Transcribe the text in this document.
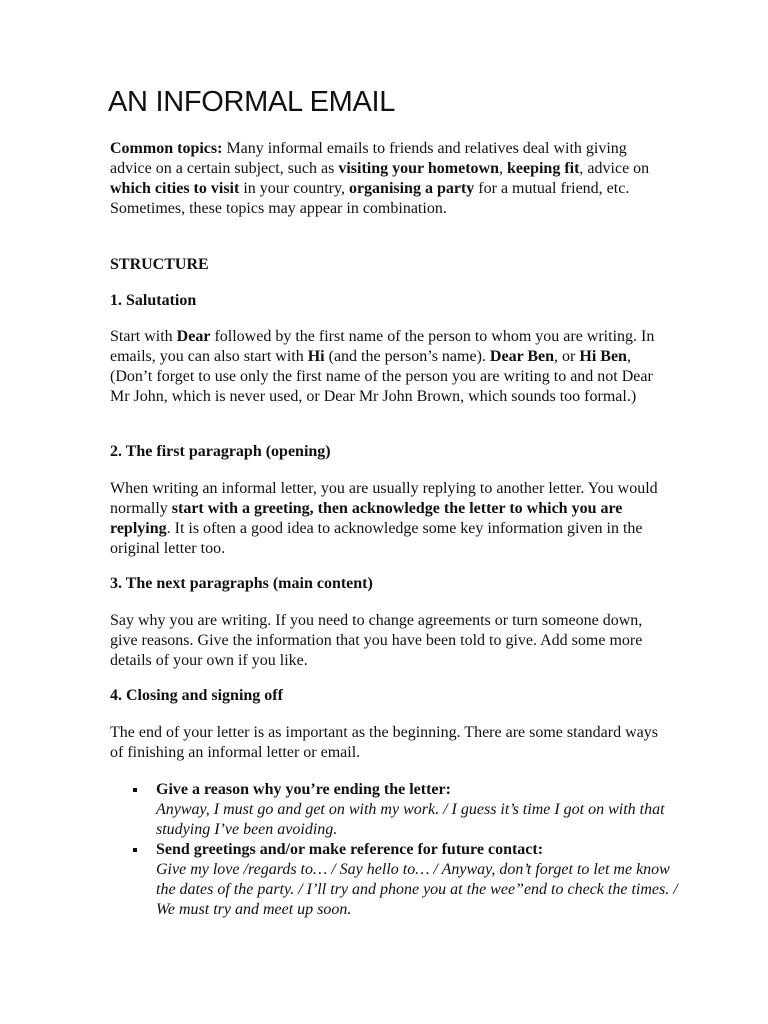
AN INFORMAL EMAIL

Common topics: Many informal emails to friends and relatives deal with giving advice on a certain subject, such as visiting your hometown, keeping fit, advice on which cities to visit in your country, organising a party for a mutual friend, etc. Sometimes, these topics may appear in combination.

STRUCTURE

1. Salutation

Start with Dear followed by the first name of the person to whom you are writing. In emails, you can also start with Hi (and the person’s name). Dear Ben, or Hi Ben, (Don’t forget to use only the first name of the person you are writing to and not Dear Mr John, which is never used, or Dear Mr John Brown, which sounds too formal.)

2. The first paragraph (opening)

When writing an informal letter, you are usually replying to another letter. You would normally start with a greeting, then acknowledge the letter to which you are replying. It is often a good idea to acknowledge some key information given in the original letter too.

3. The next paragraphs (main content)

Say why you are writing. If you need to change agreements or turn someone down, give reasons. Give the information that you have been told to give. Add some more details of your own if you like.

4. Closing and signing off

The end of your letter is as important as the beginning. There are some standard ways of finishing an informal letter or email.

Give a reason why you’re ending the letter:
Anyway, I must go and get on with my work. / I guess it’s time I got on with that studying I’ve been avoiding.
Send greetings and/or make reference for future contact:
Give my love /regards to… / Say hello to… / Anyway, don’t forget to let me know the dates of the party. / I’ll try and phone you at the wee”end to check the times. / We must try and meet up soon.
